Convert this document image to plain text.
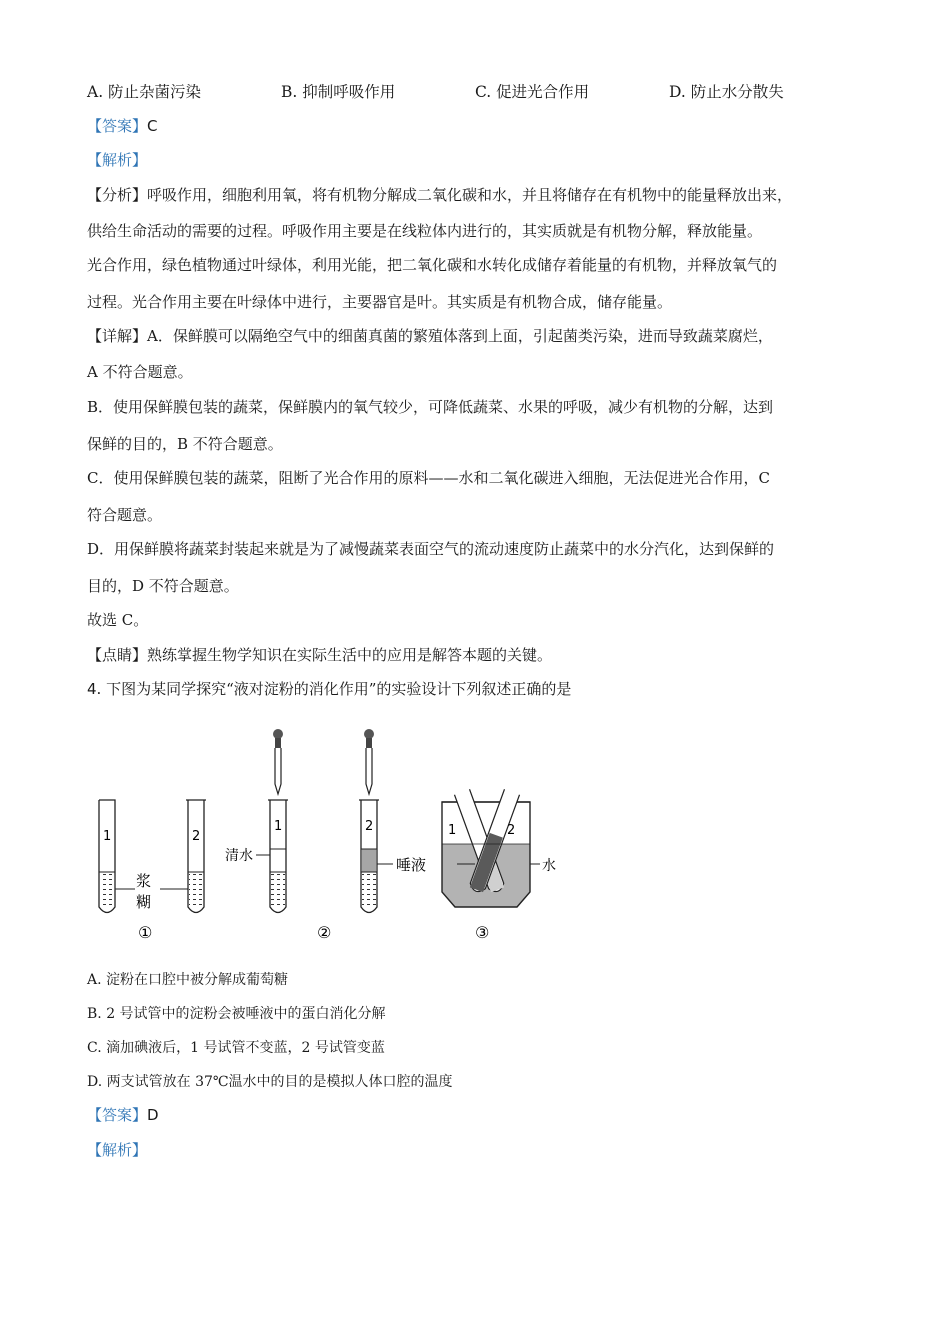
A. 防止杂菌污染	B. 抑制呼吸作用	C. 促进光合作用	D. 防止水分散失
【答案】C
【解析】
【分析】呼吸作用，细胞利用氧，将有机物分解成二氧化碳和水，并且将储存在有机物中的能量释放出来，
供给生命活动的需要的过程。呼吸作用主要是在线粒体内进行的，其实质就是有机物分解，释放能量。
光合作用，绿色植物通过叶绿体，利用光能，把二氧化碳和水转化成储存着能量的有机物，并释放氧气的
过程。光合作用主要在叶绿体中进行，主要器官是叶。其实质是有机物合成，储存能量。
【详解】A．保鲜膜可以隔绝空气中的细菌真菌的繁殖体落到上面，引起菌类污染，进而导致蔬菜腐烂，
A 不符合题意。
B．使用保鲜膜包装的蔬菜，保鲜膜内的氧气较少，可降低蔬菜、水果的呼吸，减少有机物的分解，达到
保鲜的目的，B 不符合题意。
C．使用保鲜膜包装的蔬菜，阻断了光合作用的原料——水和二氧化碳进入细胞，无法促进光合作用，C
符合题意。
D．用保鲜膜将蔬菜封装起来就是为了减慢蔬菜表面空气的流动速度防止蔬菜中的水分汽化，达到保鲜的
目的，D 不符合题意。
故选 C。
【点睛】熟练掌握生物学知识在实际生活中的应用是解答本题的关键。
4. 下图为某同学探究“液对淀粉的消化作用”的实验设计下列叙述正确的是
1
浆
糊
2
①
1
清水
2
唾液
②
1	2
水
③
A. 淀粉在口腔中被分解成葡萄糖
B. 2 号试管中的淀粉会被唾液中的蛋白消化分解
C. 滴加碘液后，1 号试管不变蓝，2 号试管变蓝
D. 两支试管放在 37℃温水中的目的是模拟人体口腔的温度
【答案】D
【解析】
